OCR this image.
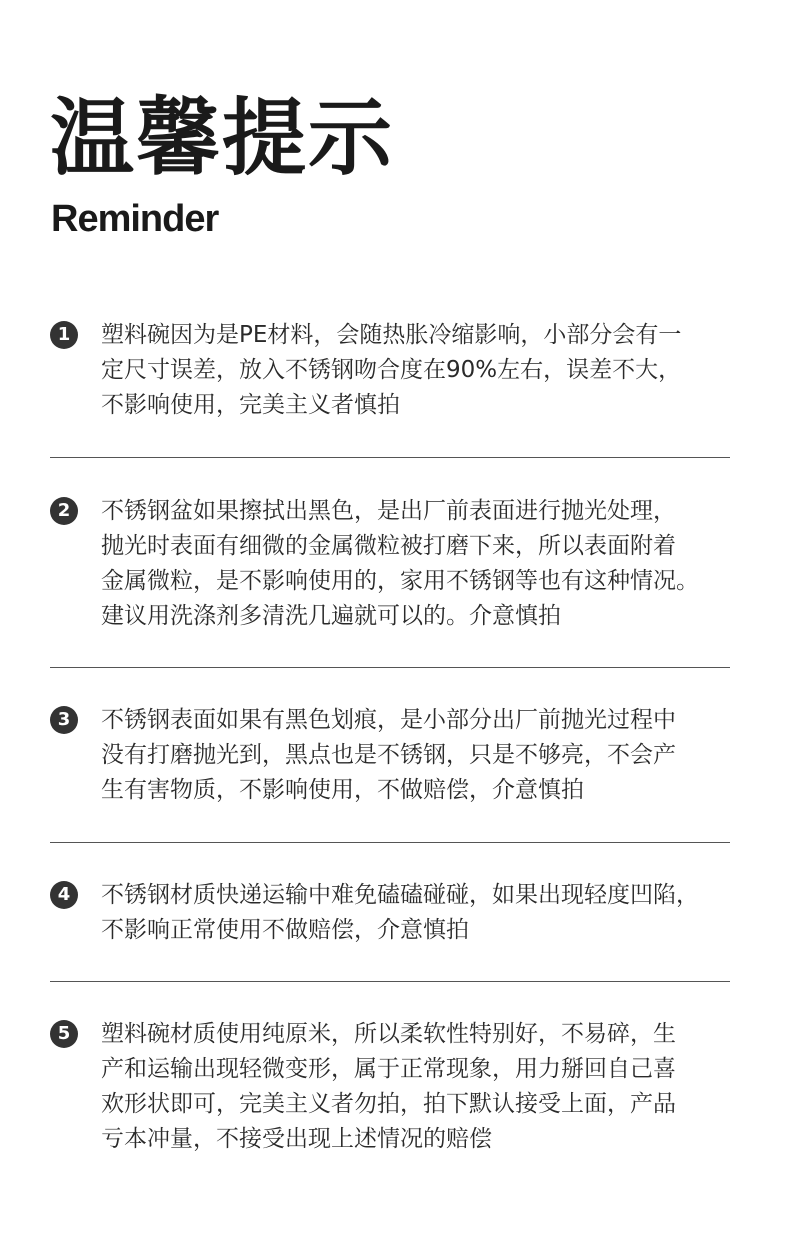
温馨提示
Reminder
1	塑料碗因为是PE材料，会随热胀冷缩影响，小部分会有一
定尺寸误差，放入不锈钢吻合度在90%左右，误差不大，
不影响使用，完美主义者慎拍

2	不锈钢盆如果擦拭出黑色，是出厂前表面进行抛光处理，
抛光时表面有细微的金属微粒被打磨下来，所以表面附着
金属微粒，是不影响使用的，家用不锈钢等也有这种情况。
建议用洗涤剂多清洗几遍就可以的。介意慎拍

3	不锈钢表面如果有黑色划痕，是小部分出厂前抛光过程中
没有打磨抛光到，黑点也是不锈钢，只是不够亮，不会产
生有害物质，不影响使用，不做赔偿，介意慎拍

4	不锈钢材质快递运输中难免磕磕碰碰，如果出现轻度凹陷，
不影响正常使用不做赔偿，介意慎拍

5	塑料碗材质使用纯原米，所以柔软性特别好，不易碎，生
产和运输出现轻微变形，属于正常现象，用力掰回自己喜
欢形状即可，完美主义者勿拍，拍下默认接受上面，产品
亏本冲量，不接受出现上述情况的赔偿
